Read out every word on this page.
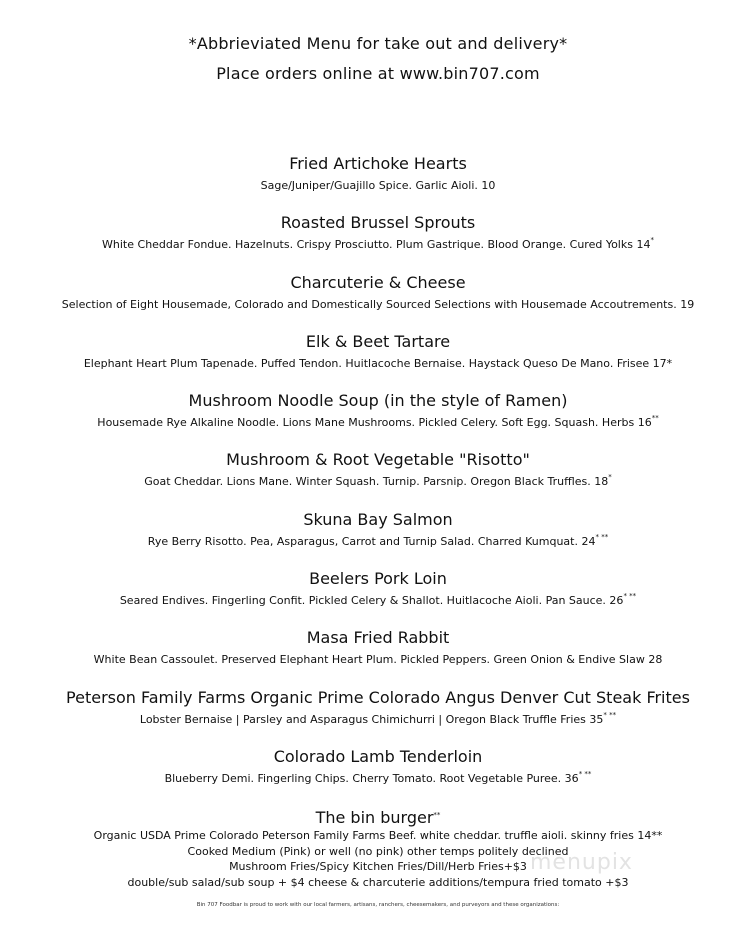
*Abbrieviated Menu for take out and delivery*
Place orders online at www.bin707.com
Fried Artichoke Hearts
Sage/Juniper/Guajillo Spice. Garlic Aioli. 10
Roasted Brussel Sprouts
White Cheddar Fondue. Hazelnuts. Crispy Prosciutto. Plum Gastrique. Blood Orange. Cured Yolks 14*
Charcuterie & Cheese
Selection of Eight Housemade, Colorado and Domestically Sourced Selections with Housemade Accoutrements. 19
Elk & Beet Tartare
Elephant Heart Plum Tapenade. Puffed Tendon. Huitlacoche Bernaise. Haystack Queso De Mano. Frisee 17*
Mushroom Noodle Soup (in the style of Ramen)
Housemade Rye Alkaline Noodle. Lions Mane Mushrooms. Pickled Celery. Soft Egg. Squash. Herbs 16**
Mushroom & Root Vegetable "Risotto"
Goat Cheddar. Lions Mane. Winter Squash. Turnip. Parsnip. Oregon Black Truffles. 18*
Skuna Bay Salmon
Rye Berry Risotto. Pea, Asparagus, Carrot and Turnip Salad. Charred Kumquat. 24* **
Beelers Pork Loin
Seared Endives. Fingerling Confit. Pickled Celery & Shallot. Huitlacoche Aioli. Pan Sauce. 26* **
Masa Fried Rabbit
White Bean Cassoulet. Preserved Elephant Heart Plum. Pickled Peppers. Green Onion & Endive Slaw 28
Peterson Family Farms Organic Prime Colorado Angus Denver Cut Steak Frites
Lobster Bernaise | Parsley and Asparagus Chimichurri | Oregon Black Truffle Fries 35* **
Colorado Lamb Tenderloin
Blueberry Demi. Fingerling Chips. Cherry Tomato. Root Vegetable Puree. 36* **
The bin burger**
Organic USDA Prime Colorado Peterson Family Farms Beef. white cheddar. truffle aioli. skinny fries 14**
Cooked Medium (Pink) or well (no pink) other temps politely declined
Mushroom Fries/Spicy Kitchen Fries/Dill/Herb Fries+$3
double/sub salad/sub soup + $4 cheese & charcuterie additions/tempura fried tomato +$3
Bin 707 Foodbar is proud to work with our local farmers, artisans, ranchers, cheesemakers, and purveyors and these organizations:
menupix
